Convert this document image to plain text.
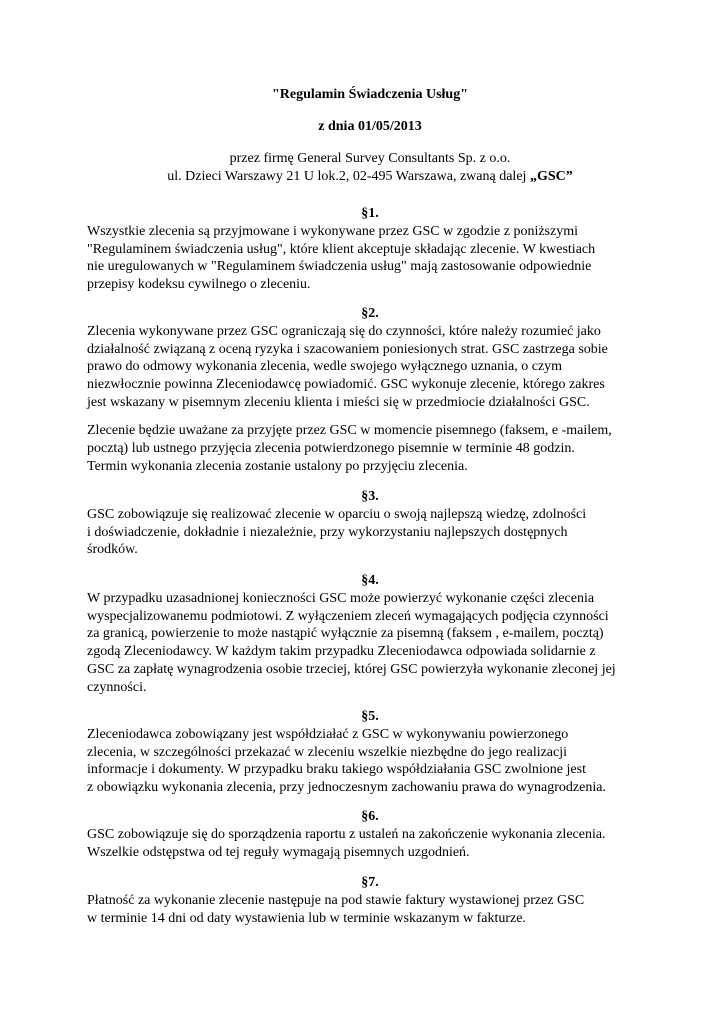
"Regulamin Świadczenia Usług"
z dnia 01/05/2013
przez firmę General Survey Consultants Sp. z o.o.
ul. Dzieci Warszawy 21 U lok.2, 02-495 Warszawa, zwaną dalej „GSC”
§1.
Wszystkie zlecenia są przyjmowane i wykonywane przez GSC w zgodzie z poniższymi
"Regulaminem świadczenia usług", które klient akceptuje składając zlecenie. W kwestiach
nie uregulowanych w "Regulaminem świadczenia usług" mają zastosowanie odpowiednie
przepisy kodeksu cywilnego o zleceniu.
§2.
Zlecenia wykonywane przez GSC ograniczają się do czynności, które należy rozumieć jako
działalność związaną z oceną ryzyka i szacowaniem poniesionych strat. GSC zastrzega sobie
prawo do odmowy wykonania zlecenia, wedle swojego wyłącznego uznania, o czym
niezwłocznie powinna Zleceniodawcę powiadomić. GSC wykonuje zlecenie, którego zakres
jest wskazany w pisemnym zleceniu klienta i mieści się w przedmiocie działalności GSC.
Zlecenie będzie uważane za przyjęte przez GSC w momencie pisemnego (faksem, e -mailem,
pocztą) lub ustnego przyjęcia zlecenia potwierdzonego pisemnie w terminie 48 godzin.
Termin wykonania zlecenia zostanie ustalony po przyjęciu zlecenia.
§3.
GSC zobowiązuje się realizować zlecenie w oparciu o swoją najlepszą wiedzę, zdolności
i doświadczenie, dokładnie i niezależnie, przy wykorzystaniu najlepszych dostępnych
środków.
§4.
W przypadku uzasadnionej konieczności GSC może powierzyć wykonanie części zlecenia
wyspecjalizowanemu podmiotowi. Z wyłączeniem zleceń wymagających podjęcia czynności
za granicą, powierzenie to może nastąpić wyłącznie za pisemną (faksem , e-mailem, pocztą)
zgodą Zleceniodawcy. W każdym takim przypadku Zleceniodawca odpowiada solidarnie z
GSC za zapłatę wynagrodzenia osobie trzeciej, której GSC powierzyła wykonanie zleconej jej
czynności.
§5.
Zleceniodawca zobowiązany jest współdziałać z GSC w wykonywaniu powierzonego
zlecenia, w szczególności przekazać w zleceniu wszelkie niezbędne do jego realizacji
informacje i dokumenty. W przypadku braku takiego współdziałania GSC zwolnione jest
z obowiązku wykonania zlecenia, przy jednoczesnym zachowaniu prawa do wynagrodzenia.
§6.
GSC zobowiązuje się do sporządzenia raportu z ustaleń na zakończenie wykonania zlecenia.
Wszelkie odstępstwa od tej reguły wymagają pisemnych uzgodnień.
§7.
Płatność za wykonanie zlecenie następuje na pod stawie faktury wystawionej przez GSC
w terminie 14 dni od daty wystawienia lub w terminie wskazanym w fakturze.
